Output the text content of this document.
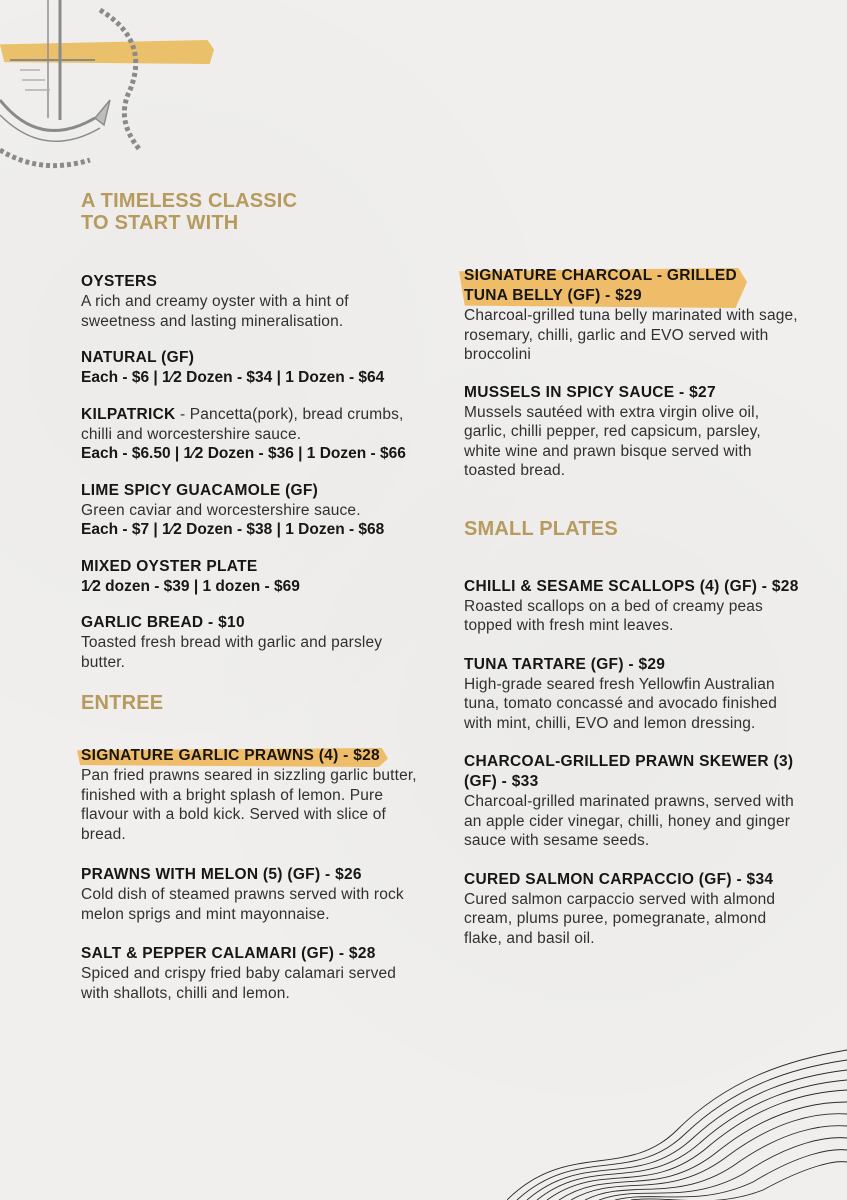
A TIMELESS CLASSIC
TO START WITH
OYSTERS
A rich and creamy oyster with a hint of sweetness and lasting mineralisation.
NATURAL (GF)
Each - $6 | 1⁄2 Dozen - $34 | 1 Dozen - $64
KILPATRICK - Pancetta(pork), bread crumbs, chilli and worcestershire sauce.
Each - $6.50 | 1⁄2 Dozen - $36 | 1 Dozen - $66
LIME SPICY GUACAMOLE (GF)
Green caviar and worcestershire sauce.
Each - $7 | 1⁄2 Dozen - $38 | 1 Dozen - $68
MIXED OYSTER PLATE
1⁄2 dozen - $39 | 1 dozen - $69
GARLIC BREAD - $10
Toasted fresh bread with garlic and parsley butter.
ENTREE
SIGNATURE GARLIC PRAWNS (4) - $28
Pan fried prawns seared in sizzling garlic butter, finished with a bright splash of lemon. Pure flavour with a bold kick. Served with slice of bread.
PRAWNS WITH MELON (5) (GF) - $26
Cold dish of steamed prawns served with rock melon sprigs and mint mayonnaise.
SALT & PEPPER CALAMARI (GF) - $28
Spiced and crispy fried baby calamari served with shallots, chilli and lemon.
SIGNATURE CHARCOAL - GRILLED
TUNA BELLY (GF) - $29
Charcoal-grilled tuna belly marinated with sage, rosemary, chilli, garlic and EVO served with broccolini
MUSSELS IN SPICY SAUCE - $27
Mussels sautéed with extra virgin olive oil, garlic, chilli pepper, red capsicum, parsley, white wine and prawn bisque served with toasted bread.
SMALL PLATES
CHILLI & SESAME SCALLOPS (4) (GF) - $28
Roasted scallops on a bed of creamy peas topped with fresh mint leaves.
TUNA TARTARE (GF) - $29
High-grade seared fresh Yellowfin Australian tuna, tomato concassé and avocado finished with mint, chilli, EVO and lemon dressing.
CHARCOAL-GRILLED PRAWN SKEWER (3) (GF) - $33
Charcoal-grilled marinated prawns, served with an apple cider vinegar, chilli, honey and ginger sauce with sesame seeds.
CURED SALMON CARPACCIO (GF) - $34
Cured salmon carpaccio served with almond cream, plums puree, pomegranate, almond flake, and basil oil.
